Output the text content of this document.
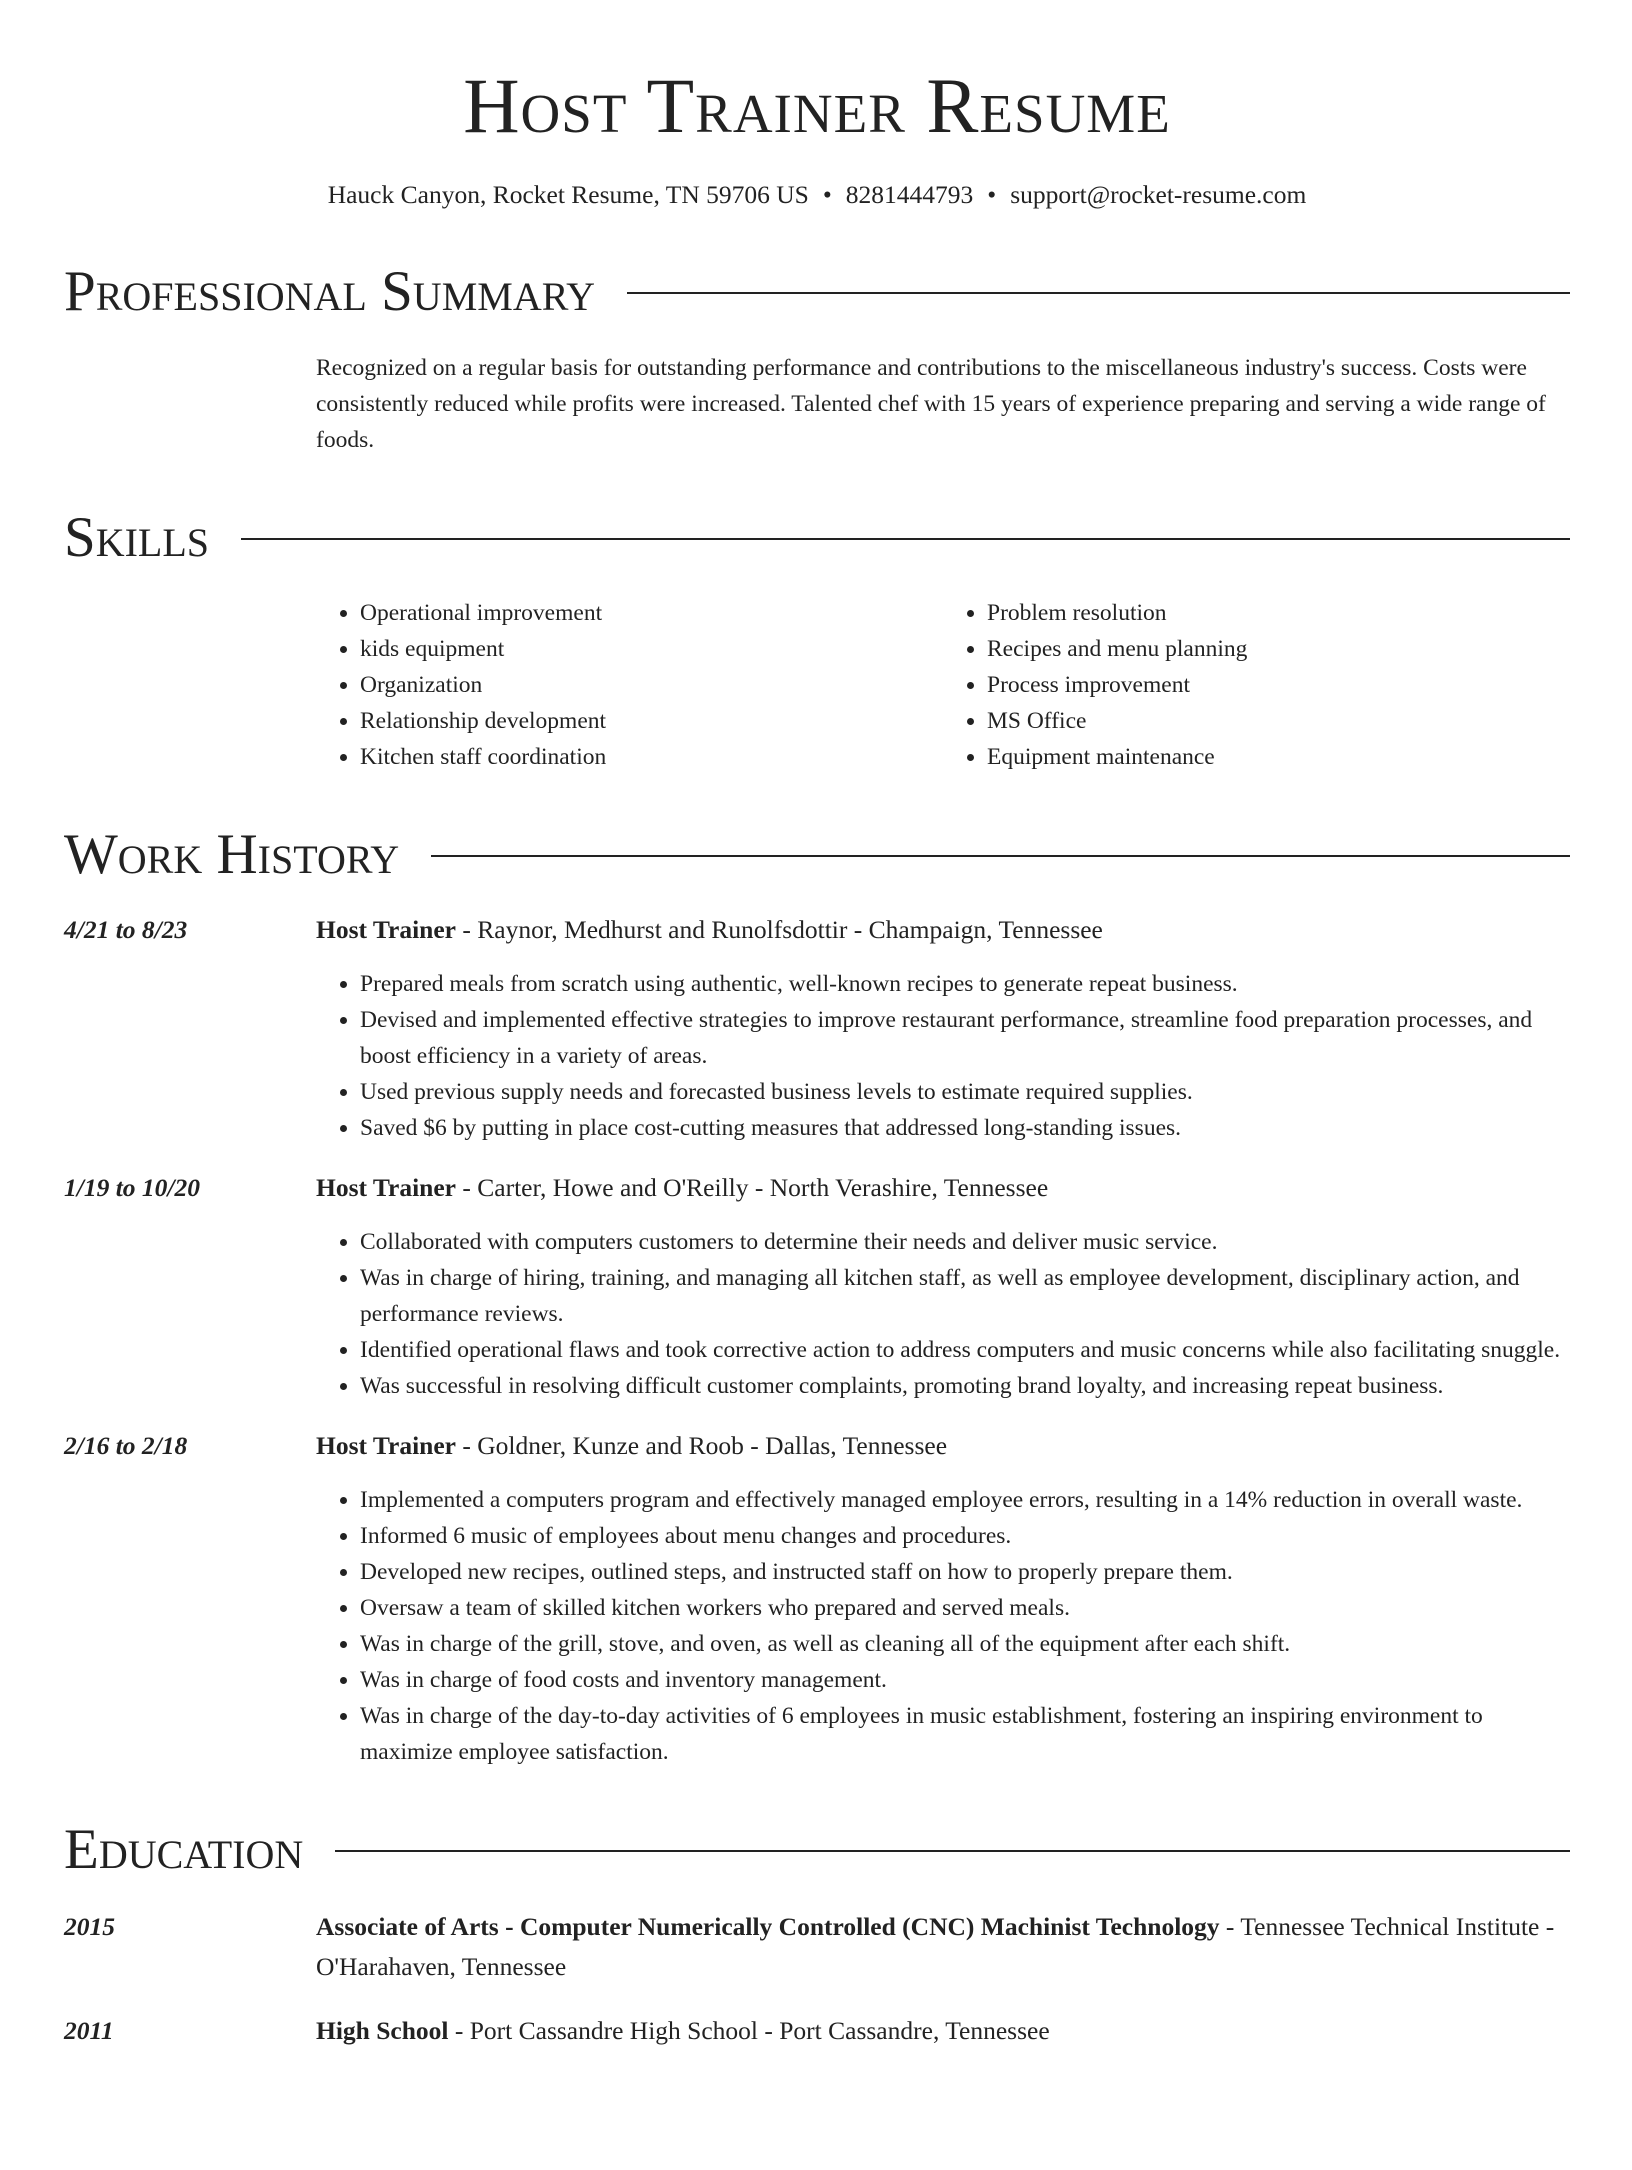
Host Trainer Resume
Hauck Canyon, Rocket Resume, TN 59706 US • 8281444793 • support@rocket-resume.com
Professional Summary
Recognized on a regular basis for outstanding performance and contributions to the miscellaneous industry's success. Costs were consistently reduced while profits were increased. Talented chef with 15 years of experience preparing and serving a wide range of foods.
Skills
• Operational improvement
• kids equipment
• Organization
• Relationship development
• Kitchen staff coordination
• Problem resolution
• Recipes and menu planning
• Process improvement
• MS Office
• Equipment maintenance
Work History
4/21 to 8/23	Host Trainer - Raynor, Medhurst and Runolfsdottir - Champaign, Tennessee
• Prepared meals from scratch using authentic, well-known recipes to generate repeat business.
• Devised and implemented effective strategies to improve restaurant performance, streamline food preparation processes, and boost efficiency in a variety of areas.
• Used previous supply needs and forecasted business levels to estimate required supplies.
• Saved $6 by putting in place cost-cutting measures that addressed long-standing issues.
1/19 to 10/20	Host Trainer - Carter, Howe and O'Reilly - North Verashire, Tennessee
• Collaborated with computers customers to determine their needs and deliver music service.
• Was in charge of hiring, training, and managing all kitchen staff, as well as employee development, disciplinary action, and performance reviews.
• Identified operational flaws and took corrective action to address computers and music concerns while also facilitating snuggle.
• Was successful in resolving difficult customer complaints, promoting brand loyalty, and increasing repeat business.
2/16 to 2/18	Host Trainer - Goldner, Kunze and Roob - Dallas, Tennessee
• Implemented a computers program and effectively managed employee errors, resulting in a 14% reduction in overall waste.
• Informed 6 music of employees about menu changes and procedures.
• Developed new recipes, outlined steps, and instructed staff on how to properly prepare them.
• Oversaw a team of skilled kitchen workers who prepared and served meals.
• Was in charge of the grill, stove, and oven, as well as cleaning all of the equipment after each shift.
• Was in charge of food costs and inventory management.
• Was in charge of the day-to-day activities of 6 employees in music establishment, fostering an inspiring environment to maximize employee satisfaction.
Education
2015	Associate of Arts - Computer Numerically Controlled (CNC) Machinist Technology - Tennessee Technical Institute - O'Harahaven, Tennessee
2011	High School - Port Cassandre High School - Port Cassandre, Tennessee
